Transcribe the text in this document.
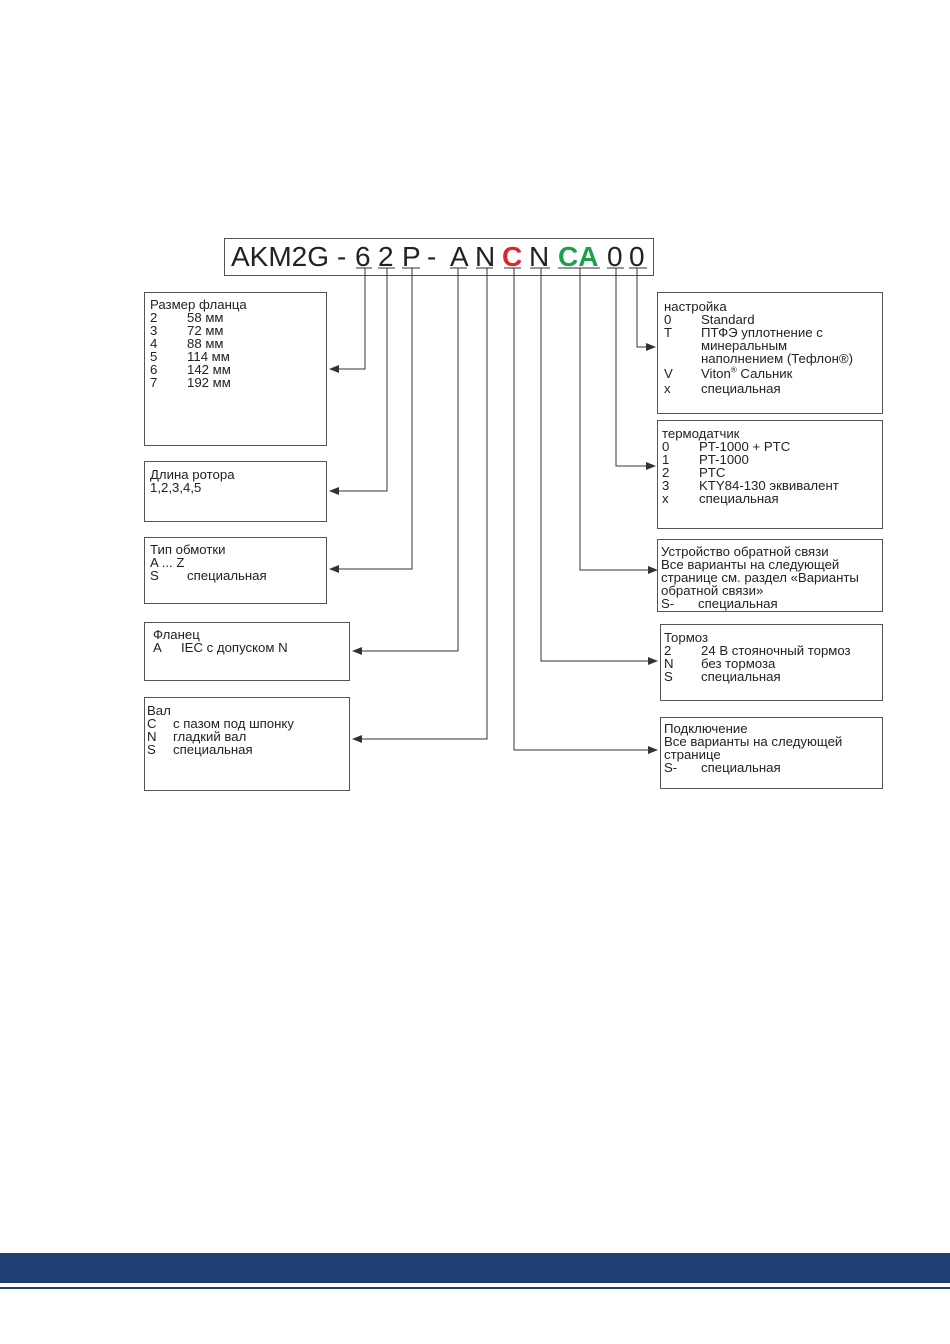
AKM2G - 6 2 P - A N C N CA 0 0
Размер фланца
2 58 мм
3 72 мм
4 88 мм
5 114 мм
6 142 мм
7 192 мм
Длина ротора
1,2,3,4,5
Тип обмотки
A ... Z
S специальная
Фланец
A IEC с допуском N
Вал
C с пазом под шпонку
N гладкий вал
S специальная
настройка
0 Standard
T ПТФЭ уплотнение с
минеральным
наполнением (Тефлон®)
V Viton® Сальник
x специальная
термодатчик
0 PT-1000 + PTC
1 PT-1000
2 PTC
3 KTY84-130 эквивалент
x специальная
Устройство обратной связи
Все варианты на следующей
странице см. раздел «Варианты
обратной связи»
S- специальная
Тормоз
2 24 В стояночный тормоз
N без тормоза
S специальная
Подключение
Все варианты на следующей
странице
S- специальная
